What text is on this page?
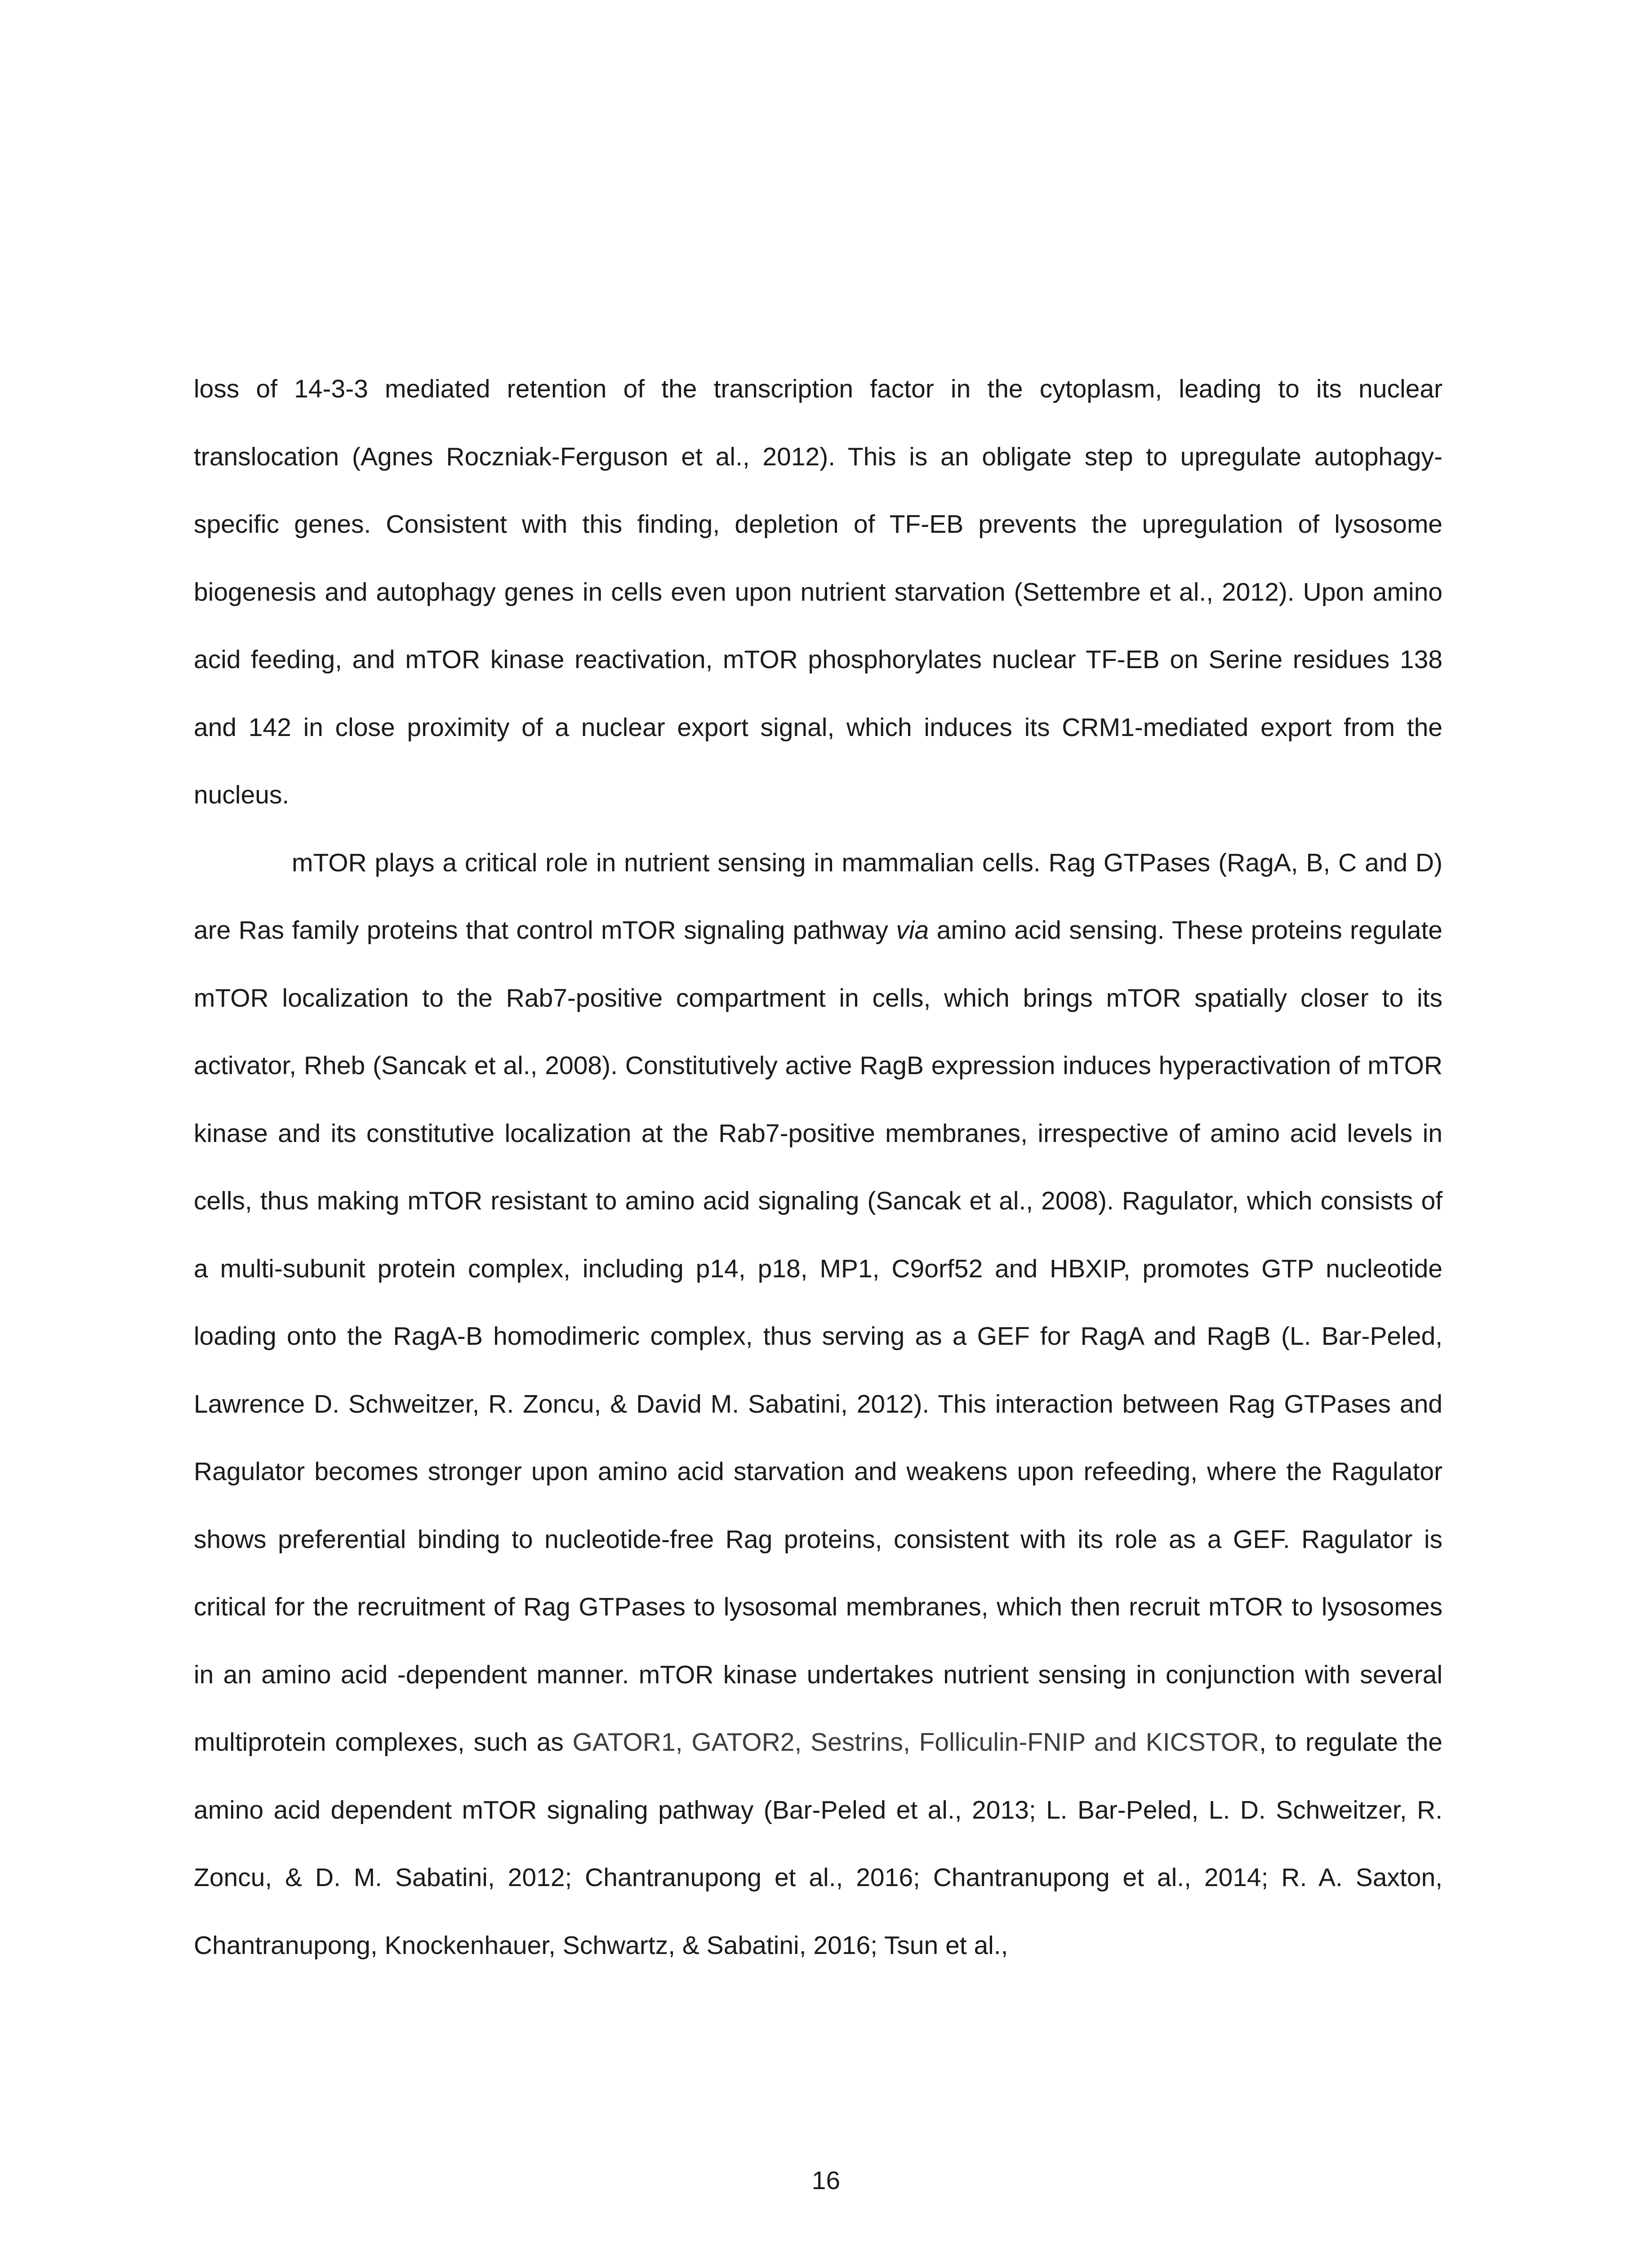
loss of 14-3-3 mediated retention of the transcription factor in the cytoplasm, leading to its nuclear translocation (Agnes Roczniak-Ferguson et al., 2012). This is an obligate step to upregulate autophagy-specific genes. Consistent with this finding, depletion of TF-EB prevents the upregulation of lysosome biogenesis and autophagy genes in cells even upon nutrient starvation (Settembre et al., 2012). Upon amino acid feeding, and mTOR kinase reactivation, mTOR phosphorylates nuclear TF-EB on Serine residues 138 and 142 in close proximity of a nuclear export signal, which induces its CRM1-mediated export from the nucleus.

mTOR plays a critical role in nutrient sensing in mammalian cells. Rag GTPases (RagA, B, C and D) are Ras family proteins that control mTOR signaling pathway via amino acid sensing. These proteins regulate mTOR localization to the Rab7-positive compartment in cells, which brings mTOR spatially closer to its activator, Rheb (Sancak et al., 2008). Constitutively active RagB expression induces hyperactivation of mTOR kinase and its constitutive localization at the Rab7-positive membranes, irrespective of amino acid levels in cells, thus making mTOR resistant to amino acid signaling (Sancak et al., 2008). Ragulator, which consists of a multi-subunit protein complex, including p14, p18, MP1, C9orf52 and HBXIP, promotes GTP nucleotide loading onto the RagA-B homodimeric complex, thus serving as a GEF for RagA and RagB (L. Bar-Peled, Lawrence D. Schweitzer, R. Zoncu, & David M. Sabatini, 2012). This interaction between Rag GTPases and Ragulator becomes stronger upon amino acid starvation and weakens upon refeeding, where the Ragulator shows preferential binding to nucleotide-free Rag proteins, consistent with its role as a GEF. Ragulator is critical for the recruitment of Rag GTPases to lysosomal membranes, which then recruit mTOR to lysosomes in an amino acid -dependent manner. mTOR kinase undertakes nutrient sensing in conjunction with several multiprotein complexes, such as GATOR1, GATOR2, Sestrins, Folliculin-FNIP and KICSTOR, to regulate the amino acid dependent mTOR signaling pathway (Bar-Peled et al., 2013; L. Bar-Peled, L. D. Schweitzer, R. Zoncu, & D. M. Sabatini, 2012; Chantranupong et al., 2016; Chantranupong et al., 2014; R. A. Saxton, Chantranupong, Knockenhauer, Schwartz, & Sabatini, 2016; Tsun et al.,

16
